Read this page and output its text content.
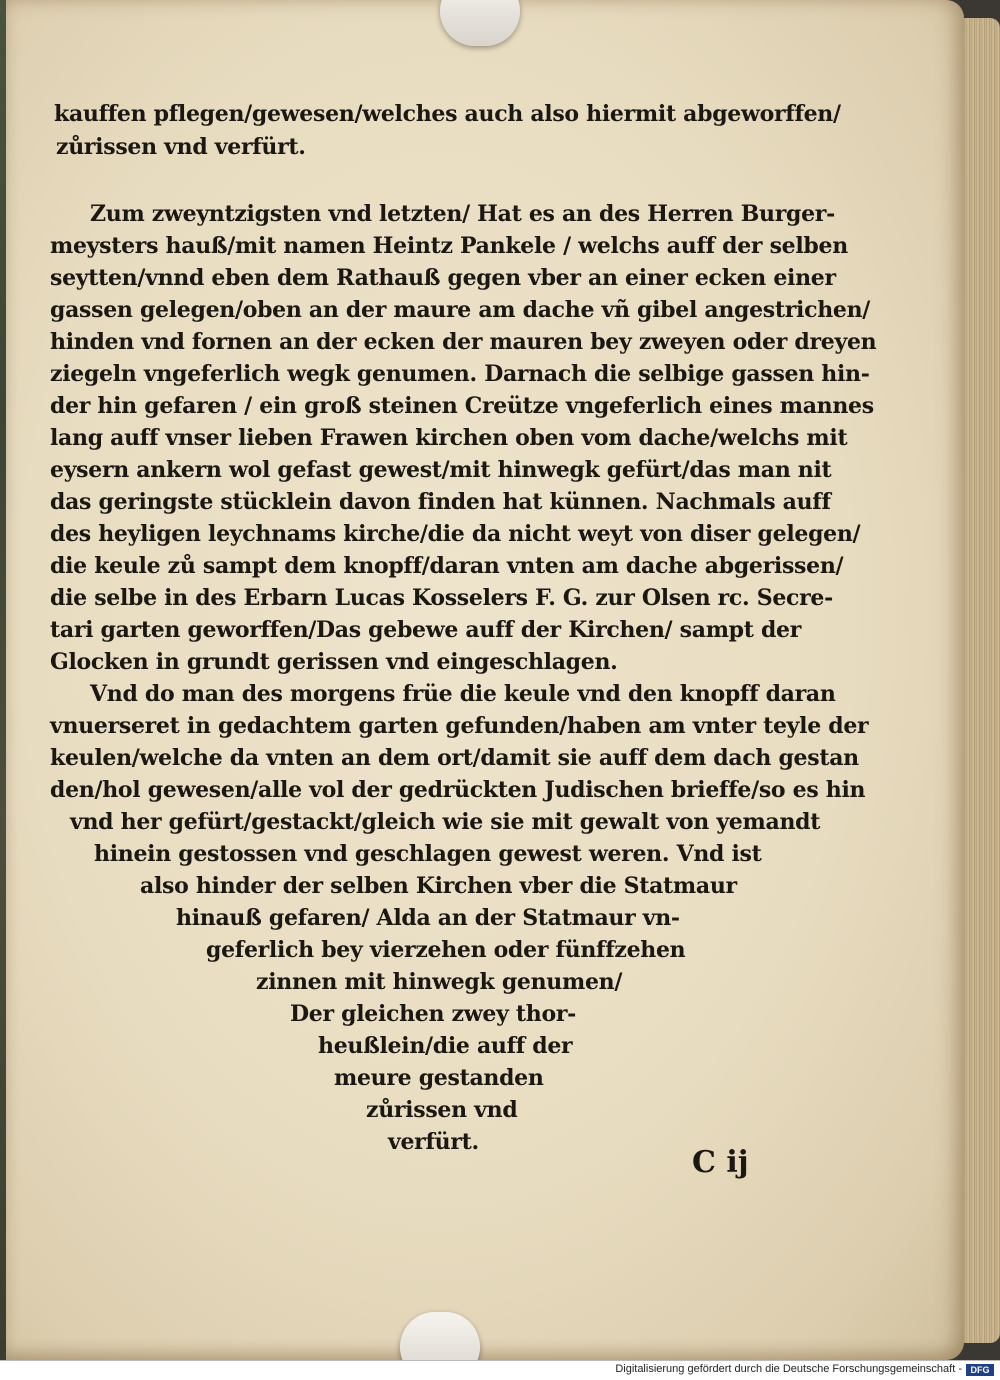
kauffen pflegen/gewesen/welches auch also hiermit abgeworffen/
zůrissen vnd verfürt.
Zum zweyntzigsten vnd letzten/ Hat es an des Herren Burger-
meysters hauß/mit namen Heintz Pankele / welchs auff der selben
seytten/vnnd eben dem Rathauß gegen vber an einer ecken einer
gassen gelegen/oben an der maure am dache vñ gibel angestrichen/
hinden vnd fornen an der ecken der mauren bey zweyen oder dreyen
ziegeln vngeferlich wegk genumen. Darnach die selbige gassen hin-
der hin gefaren / ein groß steinen Creütze vngeferlich eines mannes
lang auff vnser lieben Frawen kirchen oben vom dache/welchs mit
eysern ankern wol gefast gewest/mit hinwegk gefürt/das man nit
das geringste stücklein davon finden hat künnen. Nachmals auff
des heyligen leychnams kirche/die da nicht weyt von diser gelegen/
die keule zů sampt dem knopff/daran vnten am dache abgerissen/
die selbe in des Erbarn Lucas Kosselers F. G. zur Olsen rc. Secre-
tari garten geworffen/Das gebewe auff der Kirchen/ sampt der
Glocken in grundt gerissen vnd eingeschlagen.
Vnd do man des morgens früe die keule vnd den knopff daran
vnuerseret in gedachtem garten gefunden/haben am vnter teyle der
keulen/welche da vnten an dem ort/damit sie auff dem dach gestan
den/hol gewesen/alle vol der gedrückten Judischen brieffe/so es hin
vnd her gefürt/gestackt/gleich wie sie mit gewalt von yemandt
hinein gestossen vnd geschlagen gewest weren. Vnd ist
also hinder der selben Kirchen vber die Statmaur
hinauß gefaren/ Alda an der Statmaur vn-
geferlich bey vierzehen oder fünffzehen
zinnen mit hinwegk genumen/
Der gleichen zwey thor-
heußlein/die auff der
meure gestanden
zůrissen vnd
verfürt.
C ij
Digitalisierung gefördert durch die Deutsche Forschungsgemeinschaft - DFG
